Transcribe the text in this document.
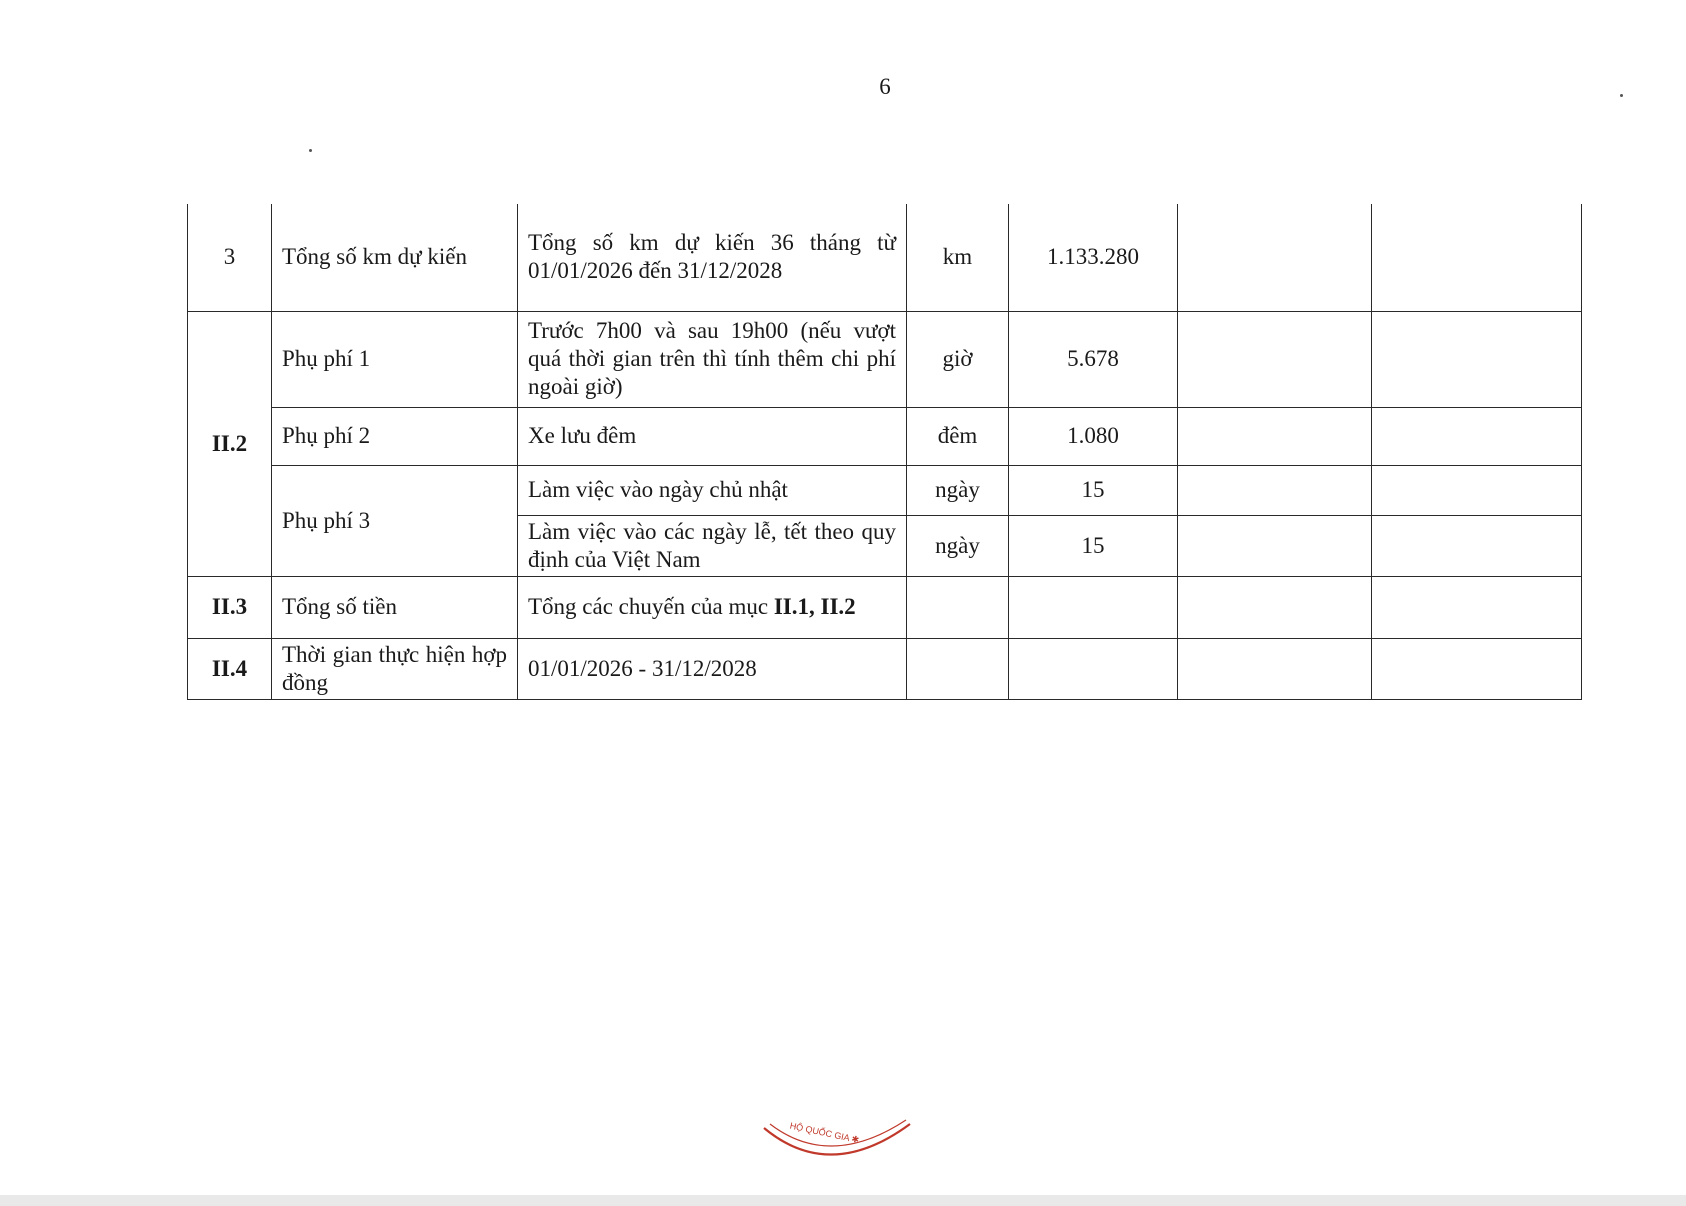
6
3	Tổng số km dự kiến	Tổng số km dự kiến 36 tháng từ 01/01/2026 đến 31/12/2028	km	1.133.280		
II.2	Phụ phí 1	Trước 7h00 và sau 19h00 (nếu vượt quá thời gian trên thì tính thêm chi phí ngoài giờ)	giờ	5.678		
	Phụ phí 2	Xe lưu đêm	đêm	1.080		
	Phụ phí 3	Làm việc vào ngày chủ nhật	ngày	15		
		Làm việc vào các ngày lễ, tết theo quy định của Việt Nam	ngày	15		
II.3	Tổng số tiền	Tổng các chuyến của mục II.1, II.2				
II.4	Thời gian thực hiện hợp đồng	01/01/2026 - 31/12/2028				
HỘ QUỐC GIA ✱
